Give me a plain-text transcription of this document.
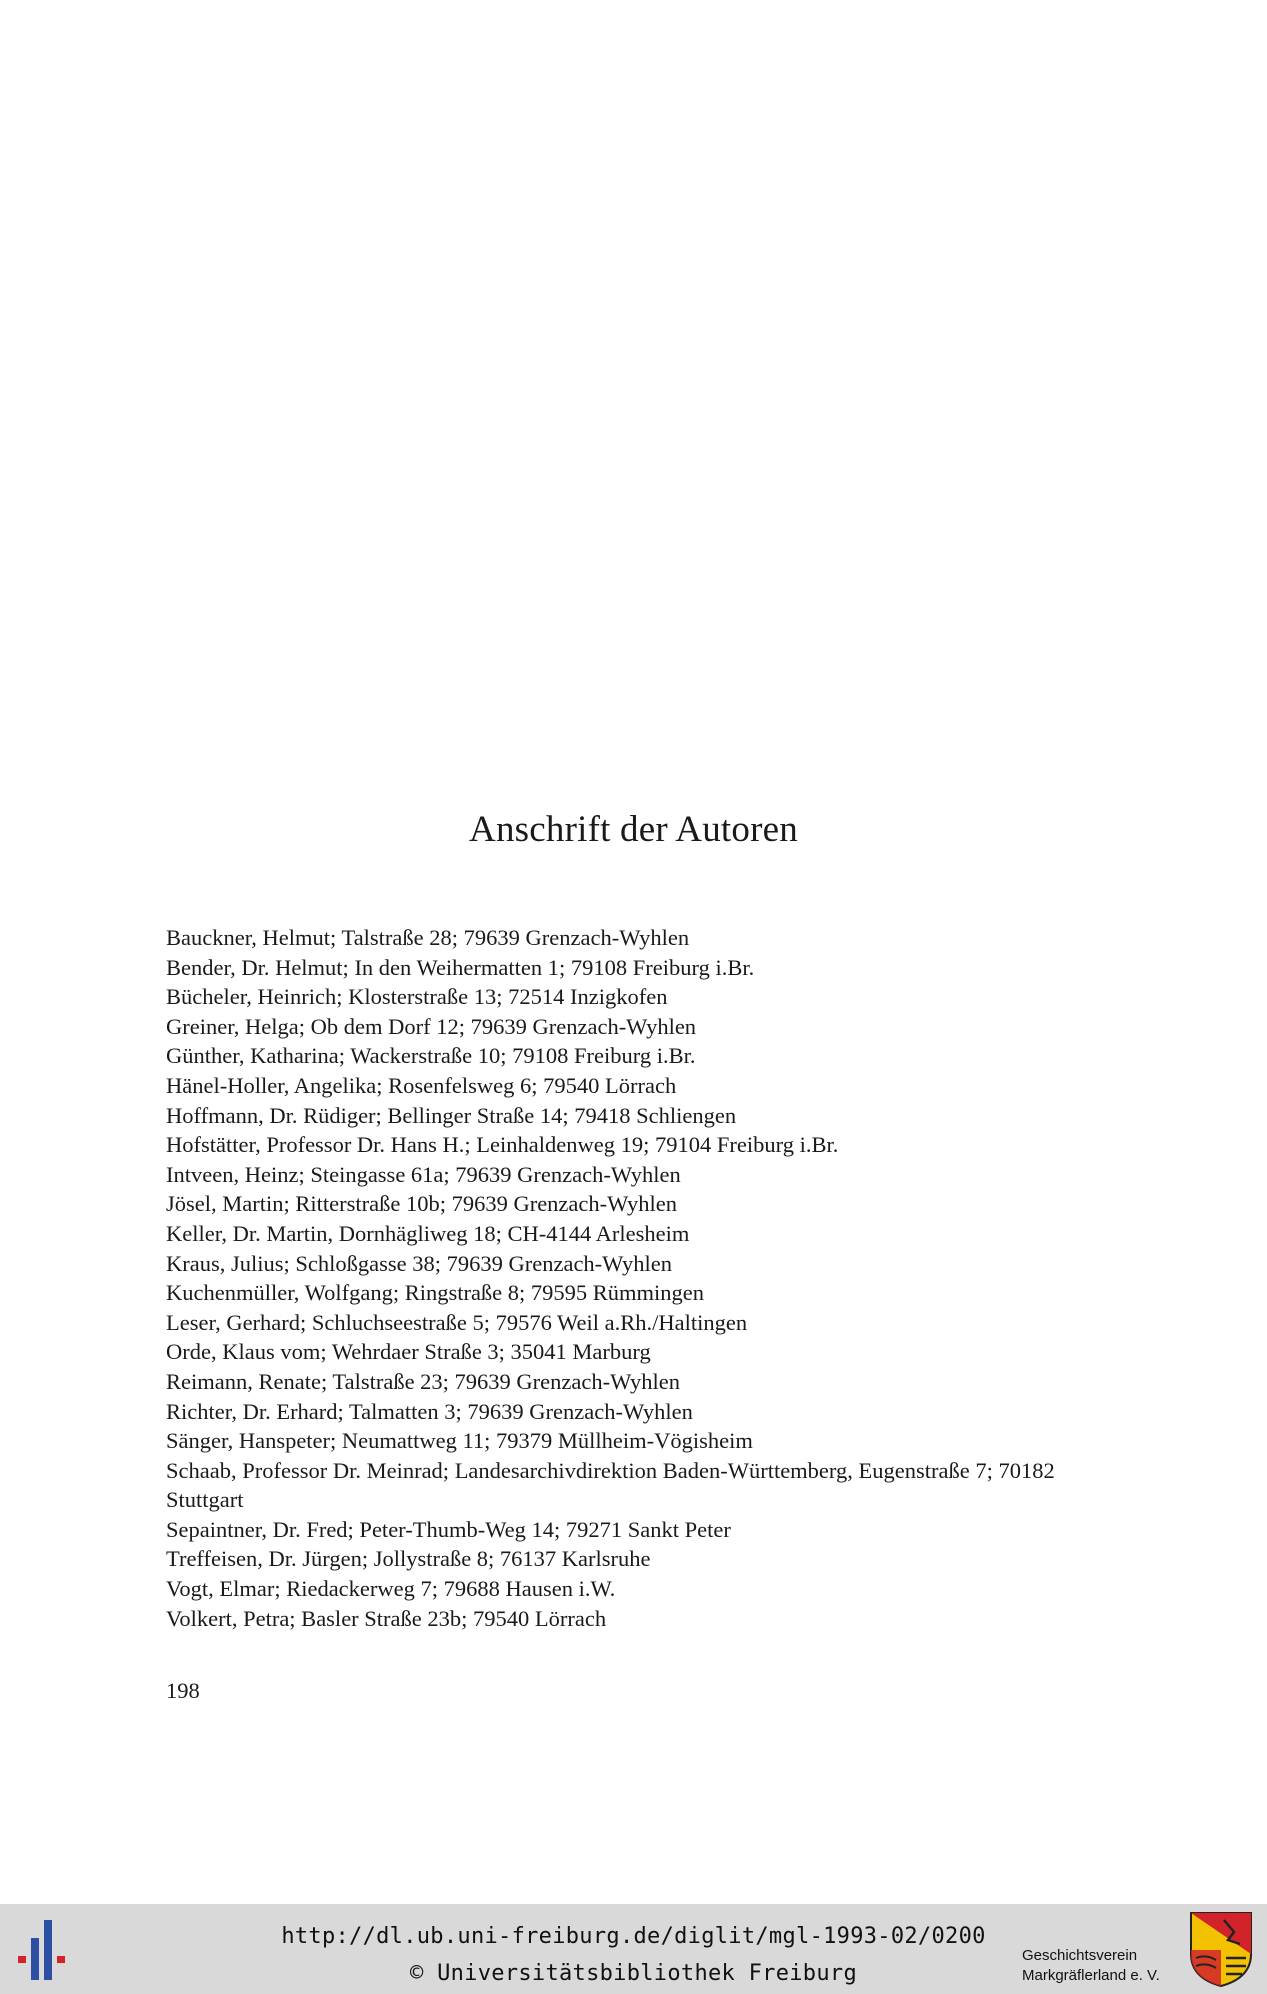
Anschrift der Autoren
Bauckner, Helmut; Talstraße 28; 79639 Grenzach-Wyhlen
Bender, Dr. Helmut; In den Weihermatten 1; 79108 Freiburg i.Br.
Bücheler, Heinrich; Klosterstraße 13; 72514 Inzigkofen
Greiner, Helga; Ob dem Dorf 12; 79639 Grenzach-Wyhlen
Günther, Katharina; Wackerstraße 10; 79108 Freiburg i.Br.
Hänel-Holler, Angelika; Rosenfelsweg 6; 79540 Lörrach
Hoffmann, Dr. Rüdiger; Bellinger Straße 14; 79418 Schliengen
Hofstätter, Professor Dr. Hans H.; Leinhaldenweg 19; 79104 Freiburg i.Br.
Intveen, Heinz; Steingasse 61a; 79639 Grenzach-Wyhlen
Jösel, Martin; Ritterstraße 10b; 79639 Grenzach-Wyhlen
Keller, Dr. Martin, Dornhägliweg 18; CH-4144 Arlesheim
Kraus, Julius; Schloßgasse 38; 79639 Grenzach-Wyhlen
Kuchenmüller, Wolfgang; Ringstraße 8; 79595 Rümmingen
Leser, Gerhard; Schluchseestraße 5; 79576 Weil a.Rh./Haltingen
Orde, Klaus vom; Wehrdaer Straße 3; 35041 Marburg
Reimann, Renate; Talstraße 23; 79639 Grenzach-Wyhlen
Richter, Dr. Erhard; Talmatten 3; 79639 Grenzach-Wyhlen
Sänger, Hanspeter; Neumattweg 11; 79379 Müllheim-Vögisheim
Schaab, Professor Dr. Meinrad; Landesarchivdirektion Baden-Württemberg, Eugenstraße 7; 70182 Stuttgart
Sepaintner, Dr. Fred; Peter-Thumb-Weg 14; 79271 Sankt Peter
Treffeisen, Dr. Jürgen; Jollystraße 8; 76137 Karlsruhe
Vogt, Elmar; Riedackerweg 7; 79688 Hausen i.W.
Volkert, Petra; Basler Straße 23b; 79540 Lörrach
198
http://dl.ub.uni-freiburg.de/diglit/mgl-1993-02/0200
© Universitätsbibliothek Freiburg
Geschichtsverein
Markgräflerland e. V.
